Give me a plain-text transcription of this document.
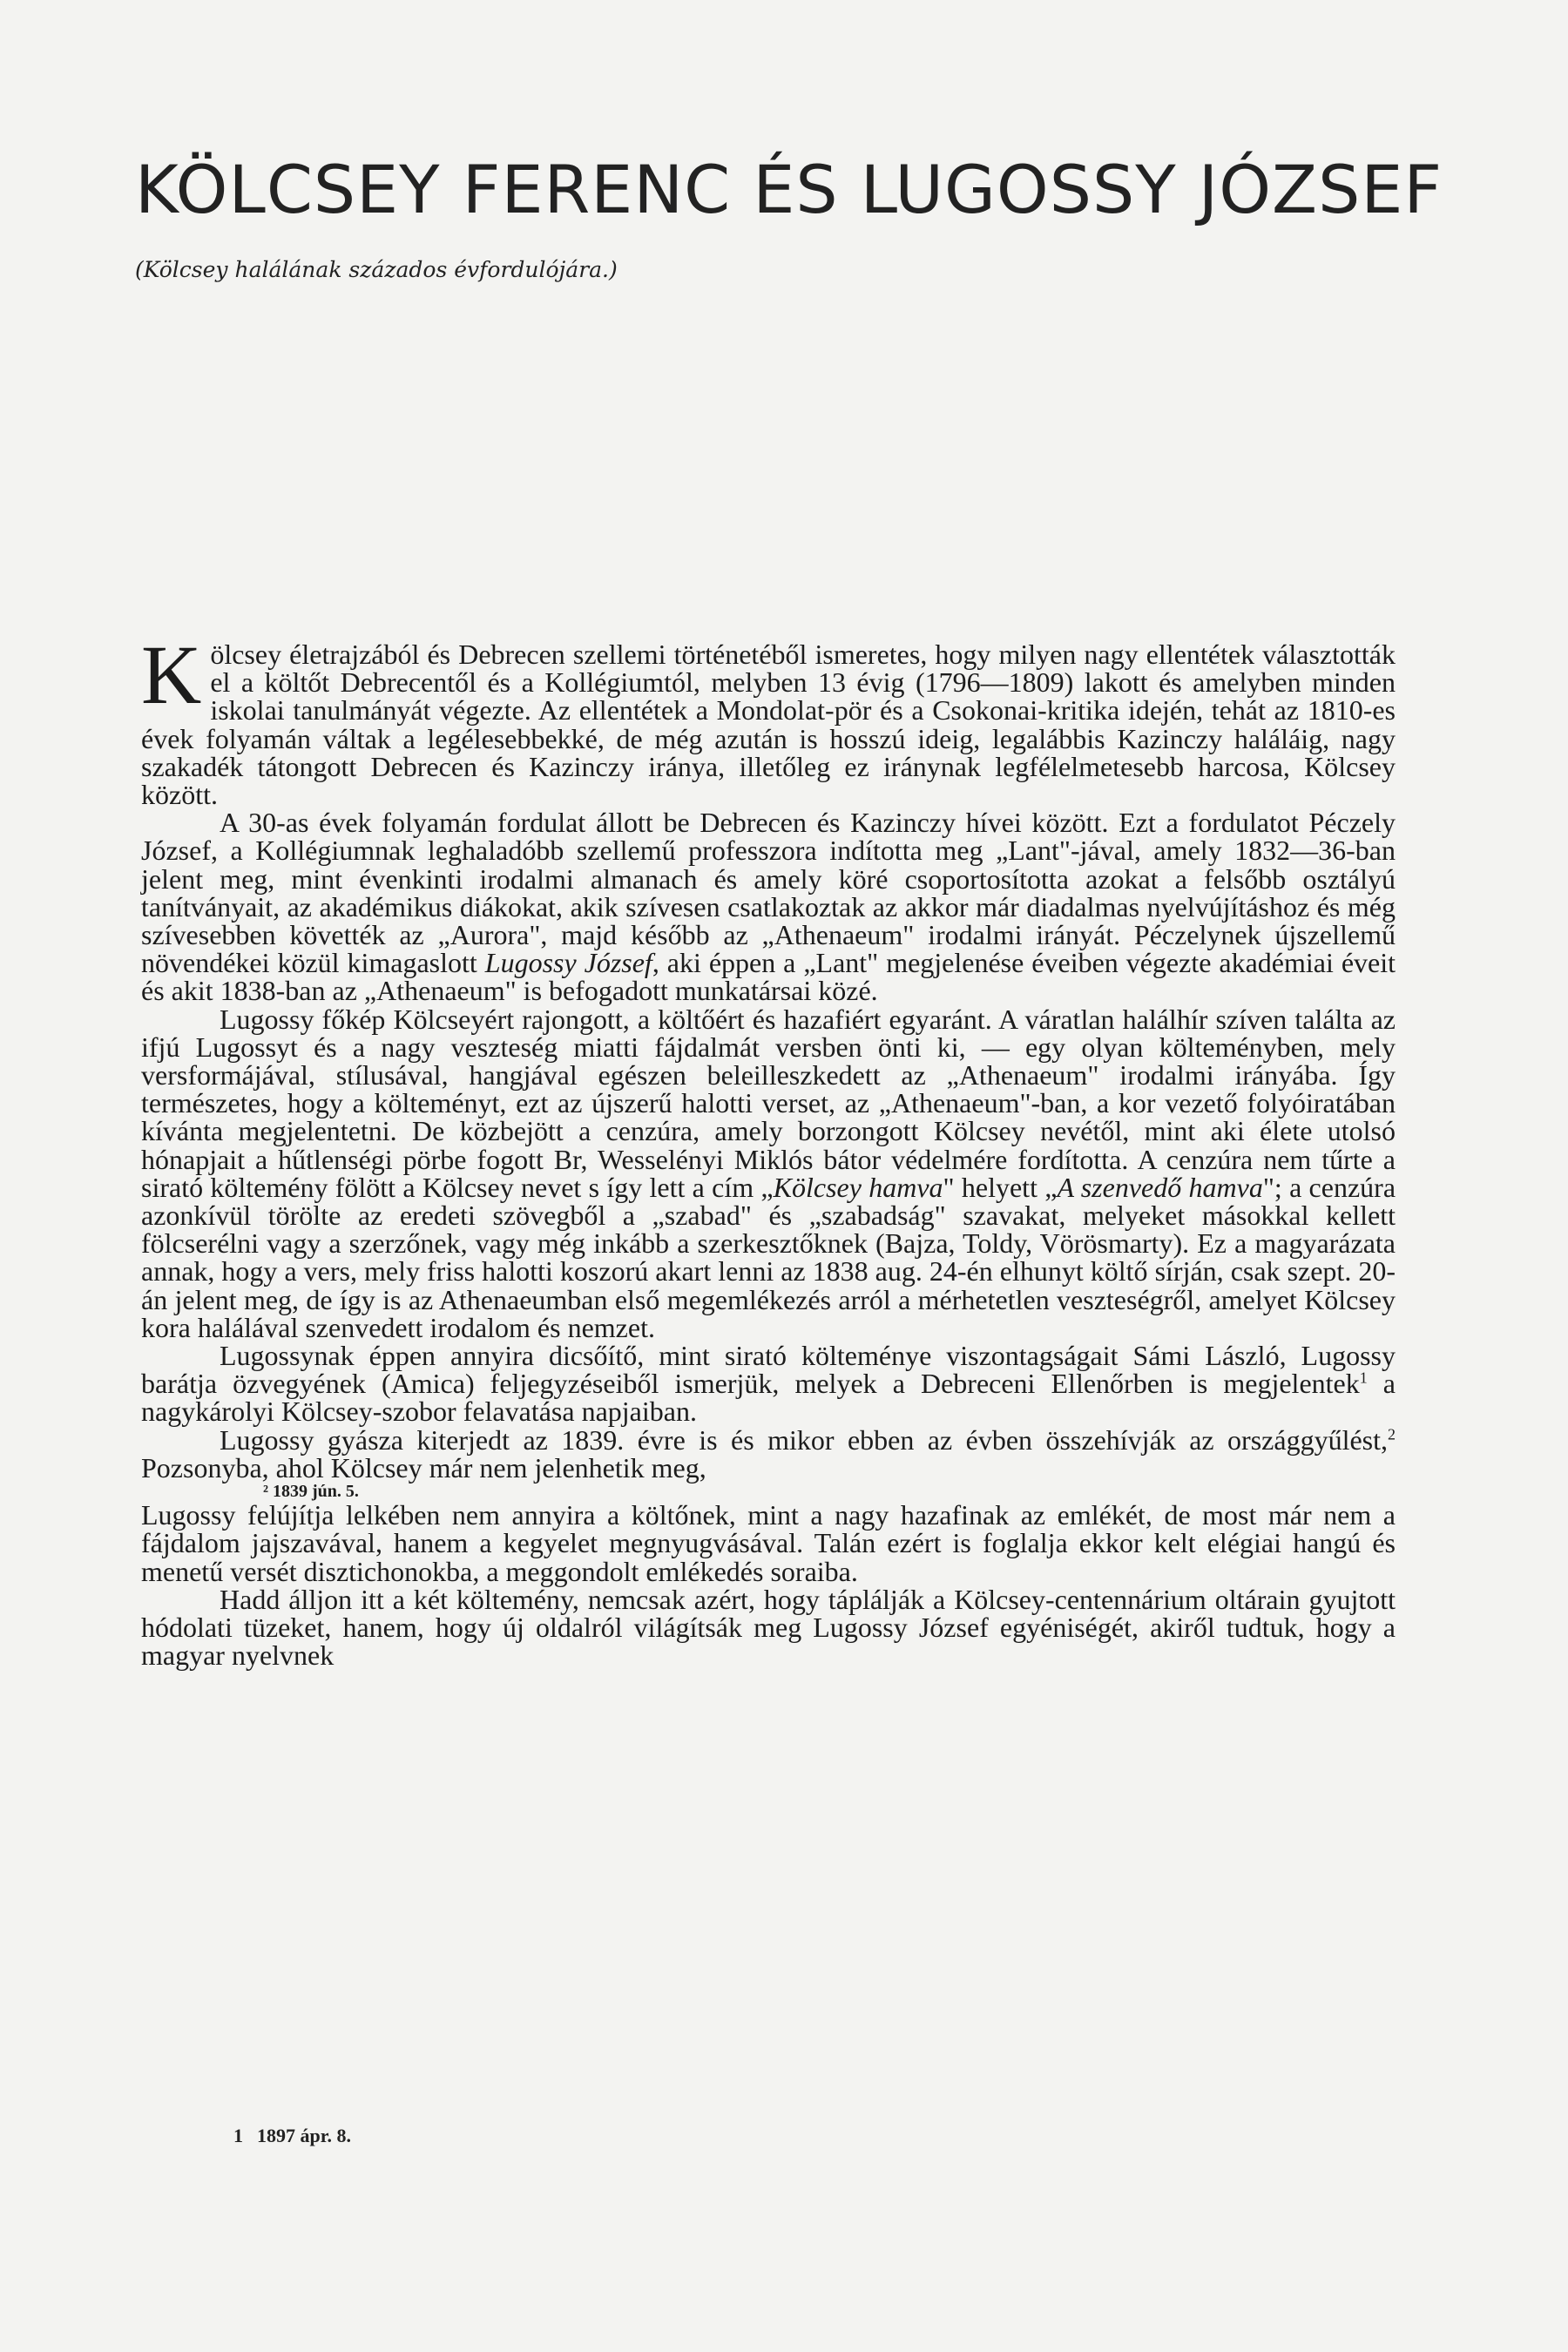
KÖLCSEY FERENC ÉS LUGOSSY JÓZSEF
(Kölcsey halálának százados évfordulójára.)

Kölcsey életrajzából és Debrecen szellemi történetéből ismeretes, hogy milyen nagy ellentétek választották el a költőt Debrecentől és a Kollégiumtól, melyben 13 évig (1796—1809) lakott és amelyben minden iskolai tanulmányát végezte. Az ellentétek a Mondolat-pör és a Csokonai-kritika idején, tehát az 1810-es évek folyamán váltak a legélesebbekké, de még azután is hosszú ideig, legalábbis Kazinczy haláláig, nagy szakadék tátongott Debrecen és Kazinczy iránya, illetőleg ez iránynak legfélelmetesebb harcosa, Kölcsey között.

A 30-as évek folyamán fordulat állott be Debrecen és Kazinczy hívei között. Ezt a fordulatot Péczely József, a Kollégiumnak leghaladóbb szellemű professzora indította meg „Lant"-jával, amely 1832—36-ban jelent meg, mint évenkinti irodalmi almanach és amely köré csoportosította azokat a felsőbb osztályú tanítványait, az akadémikus diákokat, akik szívesen csatlakoztak az akkor már diadalmas nyelvújításhoz és még szívesebben követték az „Aurora", majd később az „Athenaeum" irodalmi irányát. Péczelynek újszellemű növendékei közül kimagaslott Lugossy József, aki éppen a „Lant" megjelenése éveiben végezte akadémiai éveit és akit 1838-ban az „Athenaeum" is befogadott munkatársai közé.

Lugossy főkép Kölcseyért rajongott, a költőért és hazafiért egyaránt. A váratlan halálhír szíven találta az ifjú Lugossyt és a nagy veszteség miatti fájdalmát versben önti ki, — egy olyan költeményben, mely versformájával, stílusával, hangjával egészen beleilleszkedett az „Athenaeum" irodalmi irányába. Így természetes, hogy a költeményt, ezt az újszerű halotti verset, az „Athenaeum"-ban, a kor vezető folyóiratában kívánta megjelentetni. De közbejött a cenzúra, amely borzongott Kölcsey nevétől, mint aki élete utolsó hónapjait a hűtlenségi pörbe fogott Br, Wesselényi Miklós bátor védelmére fordította. A cenzúra nem tűrte a sirató költemény fölött a Kölcsey nevet s így lett a cím „Kölcsey hamva" helyett „A szenvedő hamva"; a cenzúra azonkívül törölte az eredeti szövegből a „szabad" és „szabadság" szavakat, melyeket másokkal kellett fölcserélni vagy a szerzőnek, vagy még inkább a szerkesztőknek (Bajza, Toldy, Vörösmarty). Ez a magyarázata annak, hogy a vers, mely friss halotti koszorú akart lenni az 1838 aug. 24-én elhunyt költő sírján, csak szept. 20-án jelent meg, de így is az Athenaeumban első megemlékezés arról a mérhetetlen veszteségről, amelyet Kölcsey kora halálával szenvedett irodalom és nemzet.

Lugossynak éppen annyira dicsőítő, mint sirató költeménye viszontagságait Sámi László, Lugossy barátja özvegyének (Amica) feljegyzéseiből ismerjük, melyek a Debreceni Ellenőrben is megjelentek$^1$ a nagykárolyi Kölcsey-szobor felavatása napjaiban.

Lugossy gyásza kiterjedt az 1839. évre is és mikor ebben az évben összehívják az országgyűlést,$^2$ Pozsonyba, ahol Kölcsey már nem jelenhetik meg,

² 1839 jún. 5.

Lugossy felújítja lelkében nem annyira a költőnek, mint a nagy hazafinak az emlékét, de most már nem a fájdalom jajszavával, hanem a kegyelet megnyugvásával. Talán ezért is foglalja ekkor kelt elégiai hangú és menetű versét disztichonokba, a meggondolt emlékedés soraiba.

Hadd álljon itt a két költemény, nemcsak azért, hogy táplálják a Kölcsey-centennárium oltárain gyujtott hódolati tüzeket, hanem, hogy új oldalról világítsák meg Lugossy József egyéniségét, akiről tudtuk, hogy a magyar nyelvnek

1 1897 ápr. 8.
